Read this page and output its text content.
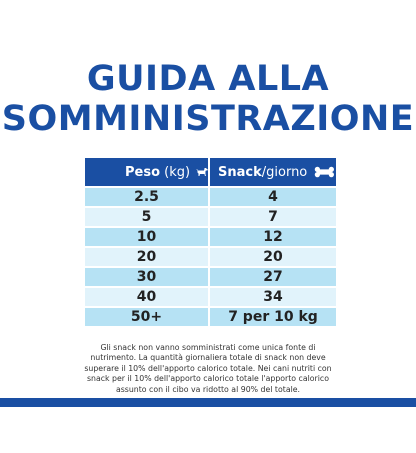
GUIDA ALLA
SOMMINISTRAZIONE
Peso (kg) Snack /giorno
2.5	4
5	7
10	12
20	20
30	27
40	34
50+	7 per 10 kg
Gli snack non vanno somministrati come unica fonte di nutrimento. La quantità giornaliera totale di snack non deve superare il 10% dell'apporto calorico totale. Nei cani nutriti con snack per il 10% dell'apporto calorico totale l'apporto calorico assunto con il cibo va ridotto al 90% del totale.
